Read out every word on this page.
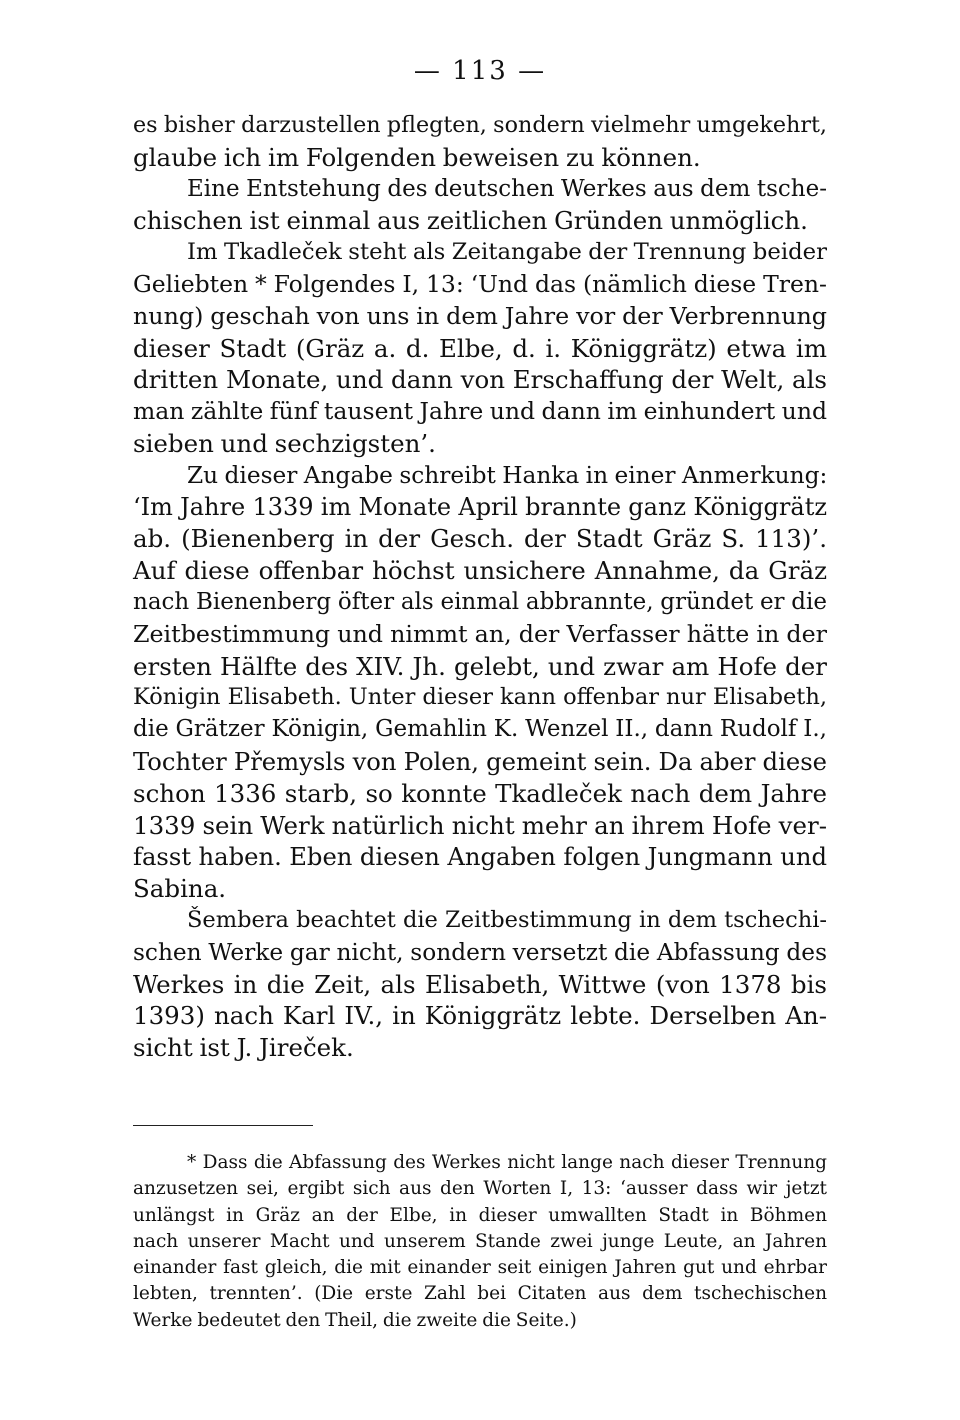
— 113 —
es bisher darzustellen pflegten, sondern vielmehr umgekehrt,
glaube ich im Folgenden beweisen zu können.
Eine Entstehung des deutschen Werkes aus dem tsche-
chischen ist einmal aus zeitlichen Gründen unmöglich.
Im Tkadleček steht als Zeitangabe der Trennung beider
Geliebten * Folgendes I, 13: ‘Und das (nämlich diese Tren-
nung) geschah von uns in dem Jahre vor der Verbrennung
dieser Stadt (Gräz a. d. Elbe, d. i. Königgrätz) etwa im
dritten Monate, und dann von Erschaffung der Welt, als
man zählte fünf tausent Jahre und dann im einhundert und
sieben und sechzigsten’.
Zu dieser Angabe schreibt Hanka in einer Anmerkung:
‘Im Jahre 1339 im Monate April brannte ganz Königgrätz
ab. (Bienenberg in der Gesch. der Stadt Gräz S. 113)’.
Auf diese offenbar höchst unsichere Annahme, da Gräz
nach Bienenberg öfter als einmal abbrannte, gründet er die
Zeitbestimmung und nimmt an, der Verfasser hätte in der
ersten Hälfte des XIV. Jh. gelebt, und zwar am Hofe der
Königin Elisabeth. Unter dieser kann offenbar nur Elisabeth,
die Grätzer Königin, Gemahlin K. Wenzel II., dann Rudolf I.,
Tochter Přemysls von Polen, gemeint sein. Da aber diese
schon 1336 starb, so konnte Tkadleček nach dem Jahre
1339 sein Werk natürlich nicht mehr an ihrem Hofe ver-
fasst haben. Eben diesen Angaben folgen Jungmann und
Sabina.
Šembera beachtet die Zeitbestimmung in dem tschechi-
schen Werke gar nicht, sondern versetzt die Abfassung des
Werkes in die Zeit, als Elisabeth, Wittwe (von 1378 bis
1393) nach Karl IV., in Königgrätz lebte. Derselben An-
sicht ist J. Jireček.
* Dass die Abfassung des Werkes nicht lange nach dieser Trennung
anzusetzen sei, ergibt sich aus den Worten I, 13: ‘ausser dass wir jetzt
unlängst in Gräz an der Elbe, in dieser umwallten Stadt in Böhmen
nach unserer Macht und unserem Stande zwei junge Leute, an Jahren
einander fast gleich, die mit einander seit einigen Jahren gut und ehrbar
lebten, trennten’. (Die erste Zahl bei Citaten aus dem tschechischen
Werke bedeutet den Theil, die zweite die Seite.)
